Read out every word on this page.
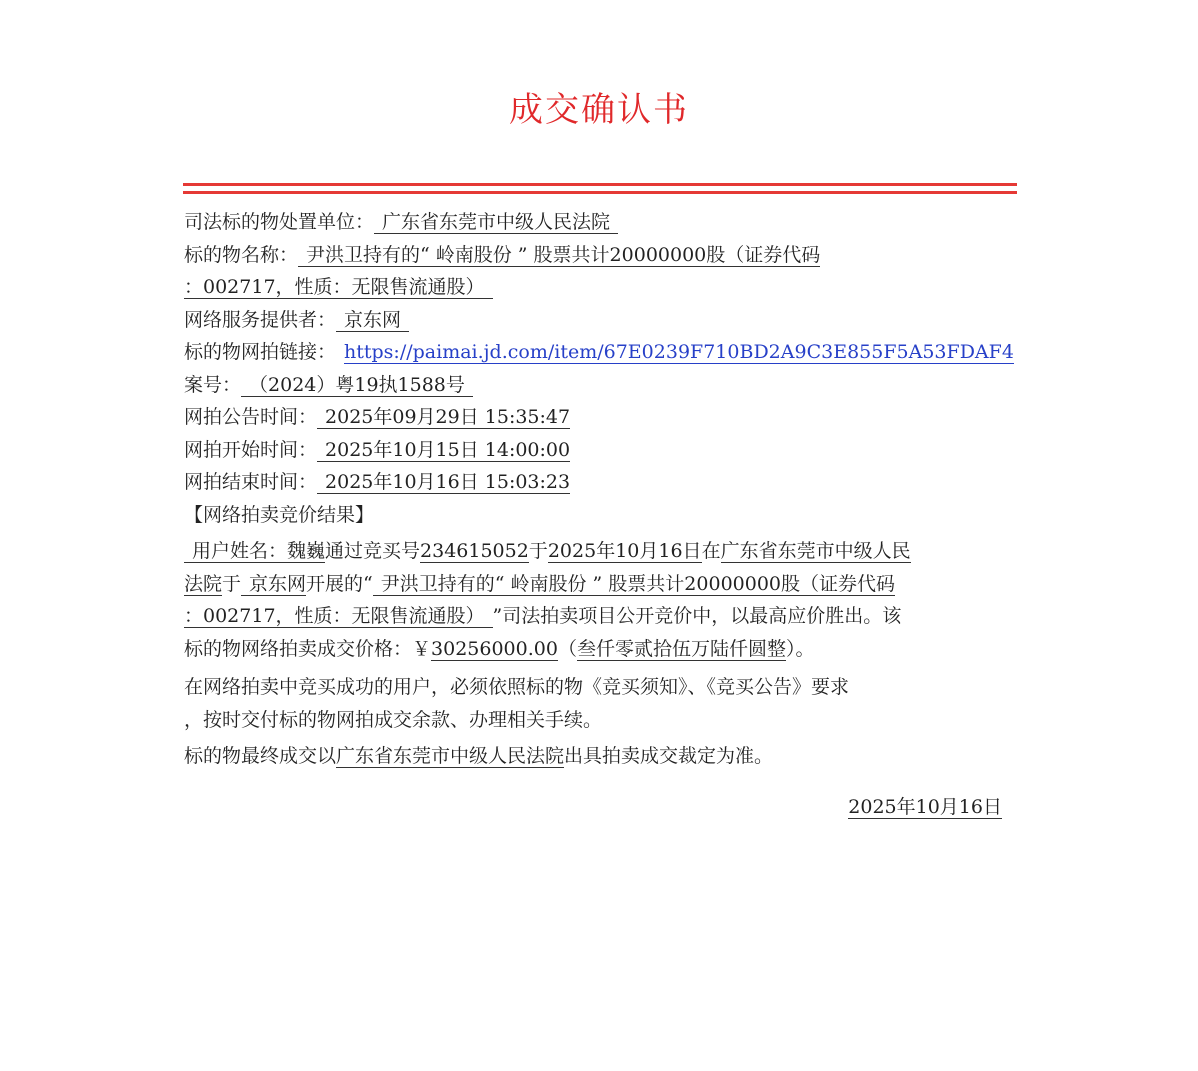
成交确认书

司法标的物处置单位： 广东省东莞市中级人民法院

标的物名称： 尹洪卫持有的“ 岭南股份 ” 股票共计20000000股（证券代码

：002717，性质：无限售流通股）

网络服务提供者： 京东网

标的物网拍链接： https://paimai.jd.com/item/67E0239F710BD2A9C3E855F5A53FDAF4

案号： （2024）粤19执1588号

网拍公告时间： 2025年09月29日 15:35:47

网拍开始时间： 2025年10月15日 14:00:00

网拍结束时间： 2025年10月16日 15:03:23

【网络拍卖竞价结果】

用户姓名：魏巍通过竞买号234615052于2025年10月16日在广东省东莞市中级人民

法院于 京东网开展的“ 尹洪卫持有的“ 岭南股份 ” 股票共计20000000股（证券代码

：002717，性质：无限售流通股） ”司法拍卖项目公开竞价中，以最高应价胜出。该

标的物网络拍卖成交价格：￥30256000.00（叁仟零贰拾伍万陆仟圆整）。

在网络拍卖中竞买成功的用户，必须依照标的物《竞买须知》、《竞买公告》要求

，按时交付标的物网拍成交余款、办理相关手续。

标的物最终成交以广东省东莞市中级人民法院出具拍卖成交裁定为准。

2025年10月16日
